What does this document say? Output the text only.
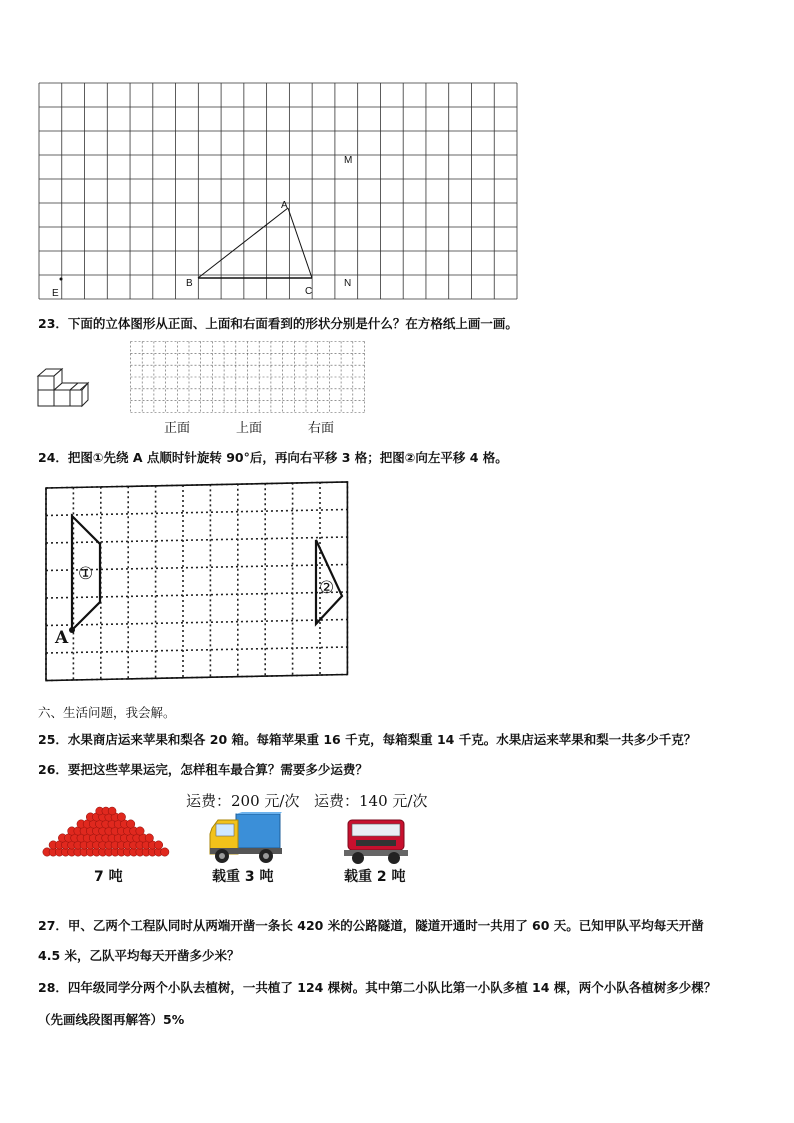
M
A
B
C
N
E
23．下面的立体图形从正面、上面和右面看到的形状分别是什么？在方格纸上画一画。
正面	上面	右面
24．把图①先绕 A 点顺时针旋转 90°后，再向右平移 3 格；把图②向左平移 4 格。
①
②
A
六、生活问题，我会解。
25．水果商店运来苹果和梨各 20 箱。每箱苹果重 16 千克，每箱梨重 14 千克。水果店运来苹果和梨一共多少千克？
26．要把这些苹果运完，怎样租车最合算？需要多少运费？
运费：200 元/次 运费：140 元/次
7 吨	载重 3 吨	载重 2 吨
27．甲、乙两个工程队同时从两端开凿一条长 420 米的公路隧道，隧道开通时一共用了 60 天。已知甲队平均每天开凿
4.5 米，乙队平均每天开凿多少米？
28．四年级同学分两个小队去植树，一共植了 124 棵树。其中第二小队比第一小队多植 14 棵，两个小队各植树多少棵？
（先画线段图再解答）5%
